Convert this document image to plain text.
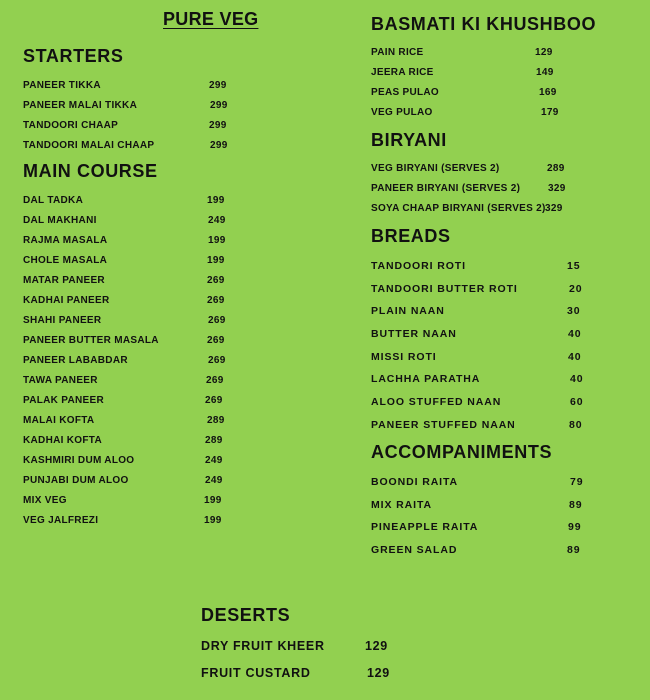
PURE VEG
STARTERS
PANEER TIKKA	299
PANEER MALAI TIKKA	299
TANDOORI CHAAP	299
TANDOORI MALAI CHAAP	299
MAIN COURSE
DAL TADKA	199
DAL MAKHANI	249
RAJMA MASALA	199
CHOLE MASALA	199
MATAR PANEER	269
KADHAI PANEER	269
SHAHI PANEER	269
PANEER BUTTER MASALA	269
PANEER LABABDAR	269
TAWA PANEER	269
PALAK PANEER	269
MALAI KOFTA	289
KADHAI KOFTA	289
KASHMIRI DUM ALOO	249
PUNJABI DUM ALOO	249
MIX VEG	199
VEG JALFREZI	199
BASMATI KI KHUSHBOO
PAIN RICE	129
JEERA RICE	149
PEAS PULAO	169
VEG PULAO	179
BIRYANI
VEG BIRYANI (SERVES 2)	289
PANEER BIRYANI (SERVES 2)	329
SOYA CHAAP BIRYANI (SERVES 2) 329
BREADS
TANDOORI ROTI	15
TANDOORI BUTTER ROTI	20
PLAIN NAAN	30
BUTTER NAAN	40
MISSI ROTI	40
LACHHA PARATHA	40
ALOO STUFFED NAAN	60
PANEER STUFFED NAAN	80
ACCOMPANIMENTS
BOONDI RAITA	79
MIX RAITA	89
PINEAPPLE RAITA	99
GREEN SALAD	89
DESERTS
DRY FRUIT KHEER	129
FRUIT CUSTARD	129
